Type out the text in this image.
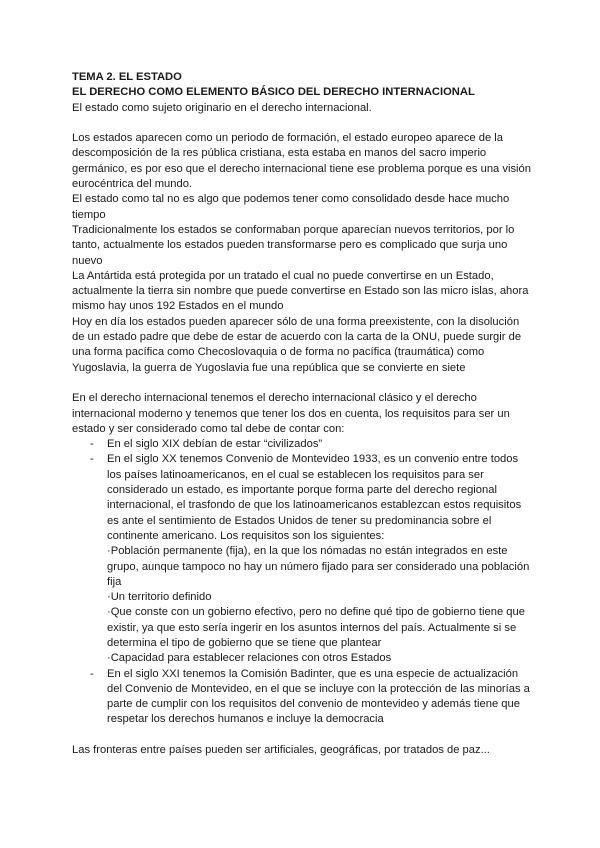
TEMA 2. EL ESTADO

EL DERECHO COMO ELEMENTO BÁSICO DEL DERECHO INTERNACIONAL

El estado como sujeto originario en el derecho internacional.

Los estados aparecen como un periodo de formación, el estado europeo aparece de la descomposición de la res pública cristiana, esta estaba en manos del sacro imperio germánico, es por eso que el derecho internacional tiene ese problema porque es una visión eurocéntrica del mundo.

El estado como tal no es algo que podemos tener como consolidado desde hace mucho tiempo

Tradicionalmente los estados se conformaban porque aparecían nuevos territorios, por lo tanto, actualmente los estados pueden transformarse pero es complicado que surja uno nuevo

La Antártida está protegida por un tratado el cual no puede convertirse en un Estado, actualmente la tierra sin nombre que puede convertirse en Estado son las micro islas, ahora mismo hay unos 192 Estados en el mundo

Hoy en día los estados pueden aparecer sólo de una forma preexistente, con la disolución de un estado padre que debe de estar de acuerdo con la carta de la ONU, puede surgir de una forma pacífica como Checoslovaquia o de forma no pacífica (traumática) como Yugoslavia, la guerra de Yugoslavia fue una república que se convierte en siete

En el derecho internacional tenemos el derecho internacional clásico y el derecho internacional moderno y tenemos que tener los dos en cuenta, los requisitos para ser un estado y ser considerado como tal debe de contar con:

- En el siglo XIX debían de estar “civilizados”
- En el siglo XX tenemos Convenio de Montevideo 1933, es un convenio entre todos los países latinoamericanos, en el cual se establecen los requisitos para ser considerado un estado, es importante porque forma parte del derecho regional internacional, el trasfondo de que los latinoamericanos establezcan estos requisitos es ante el sentimiento de Estados Unidos de tener su predominancia sobre el continente americano. Los requisitos son los siguientes:

·Población permanente (fija), en la que los nómadas no están integrados en este grupo, aunque tampoco no hay un número fijado para ser considerado una población fija

·Un territorio definido

·Que conste con un gobierno efectivo, pero no define qué tipo de gobierno tiene que existir, ya que esto sería ingerir en los asuntos internos del país. Actualmente si se determina el tipo de gobierno que se tiene que plantear

·Capacidad para establecer relaciones con otros Estados

- En el siglo XXI tenemos la Comisión Badinter, que es una especie de actualización del Convenio de Montevideo, en el que se incluye con la protección de las minorías a parte de cumplir con los requisitos del convenio de montevideo y además tiene que respetar los derechos humanos e incluye la democracia

Las fronteras entre países pueden ser artificiales, geográficas, por tratados de paz...
